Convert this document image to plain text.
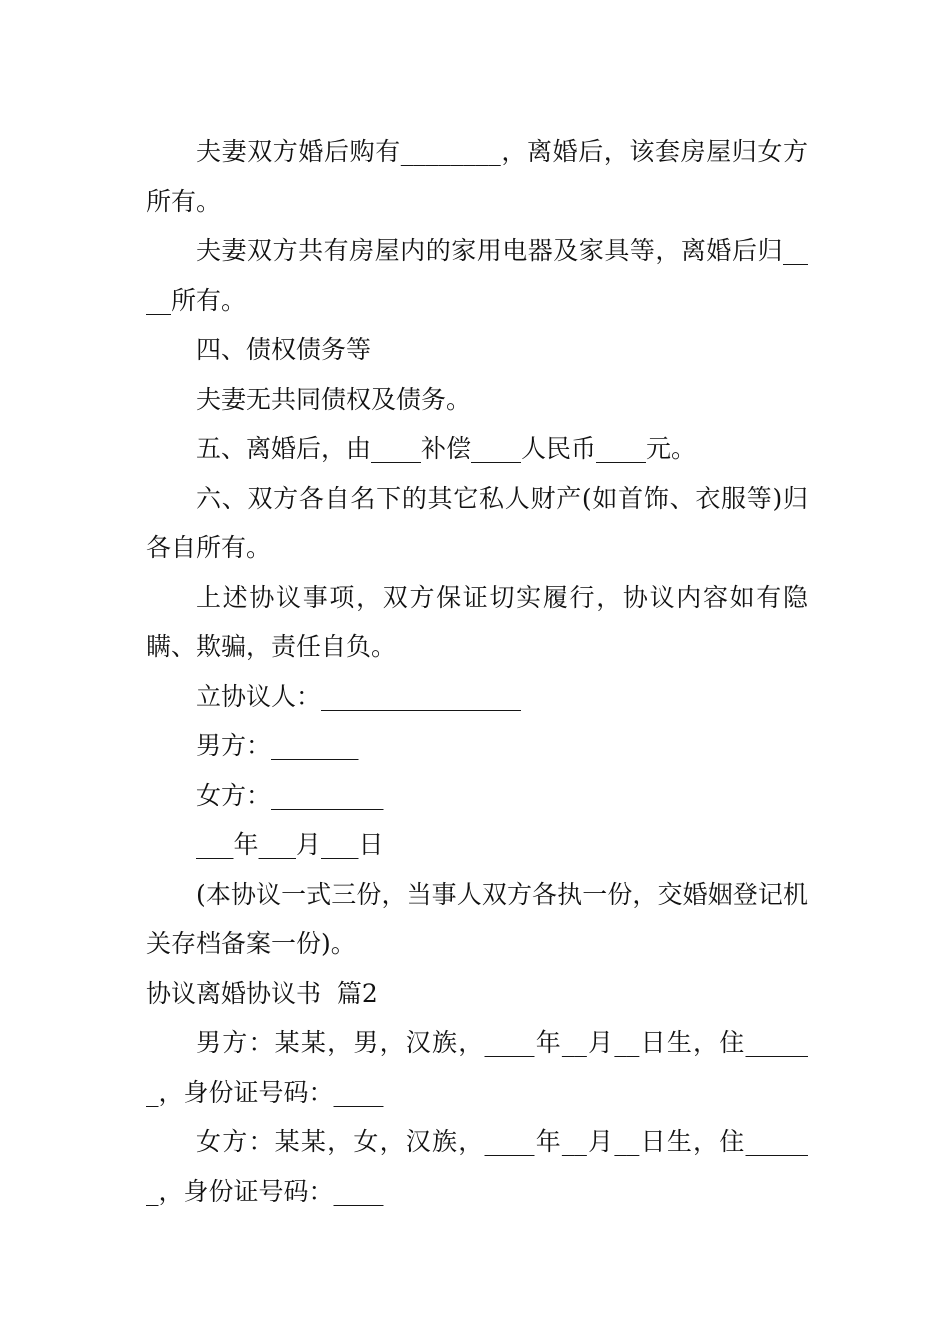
夫妻双方婚后购有________，离婚后，该套房屋归女方所有。

夫妻双方共有房屋内的家用电器及家具等，离婚后归____所有。

四、债权债务等

夫妻无共同债权及债务。

五、离婚后，由____补偿____人民币____元。

六、双方各自名下的其它私人财产(如首饰、衣服等)归各自所有。

上述协议事项，双方保证切实履行，协议内容如有隐瞒、欺骗，责任自负。

立协议人：________________

男方：_______

女方：_________

___年___月___日

(本协议一式三份，当事人双方各执一份，交婚姻登记机关存档备案一份)。

协议离婚协议书  篇2

男方：某某，男，汉族，____年__月__日生，住______，身份证号码：____

女方：某某，女，汉族，____年__月__日生，住______，身份证号码：____
